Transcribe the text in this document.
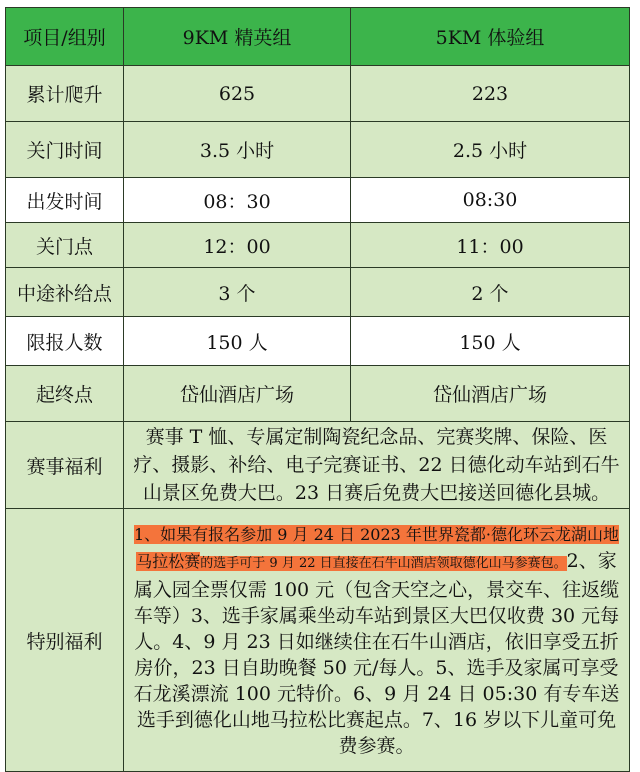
项目/组别	9KM 精英组	5KM 体验组
累计爬升	625	223
关门时间	3.5 小时	2.5 小时
出发时间	08：30	08:30
关门点	12：00	11：00
中途补给点	3 个	2 个
限报人数	150 人	150 人
起终点	岱仙酒店广场	岱仙酒店广场
赛事福利	赛事 T 恤、专属定制陶瓷纪念品、完赛奖牌、保险、医疗、摄影、补给、电子完赛证书、22 日德化动车站到石牛山景区免费大巴。23 日赛后免费大巴接送回德化县城。	
特别福利	1、如果有报名参加 9 月 24 日 2023 年世界瓷都·德化环云龙湖山地马拉松赛的选手可于 9 月 22 日直接在石牛山酒店领取德化山马参赛包。2、家属入园全票仅需 100 元（包含天空之心，景交车、往返缆车等）3、选手家属乘坐动车站到景区大巴仅收费 30 元每人。4、9 月 23 日如继续住在石牛山酒店，依旧享受五折房价，23 日自助晚餐 50 元/每人。5、选手及家属可享受石龙溪漂流 100 元特价。6、9 月 24 日 05:30 有专车送选手到德化山地马拉松比赛起点。7、16 岁以下儿童可免费参赛。	
